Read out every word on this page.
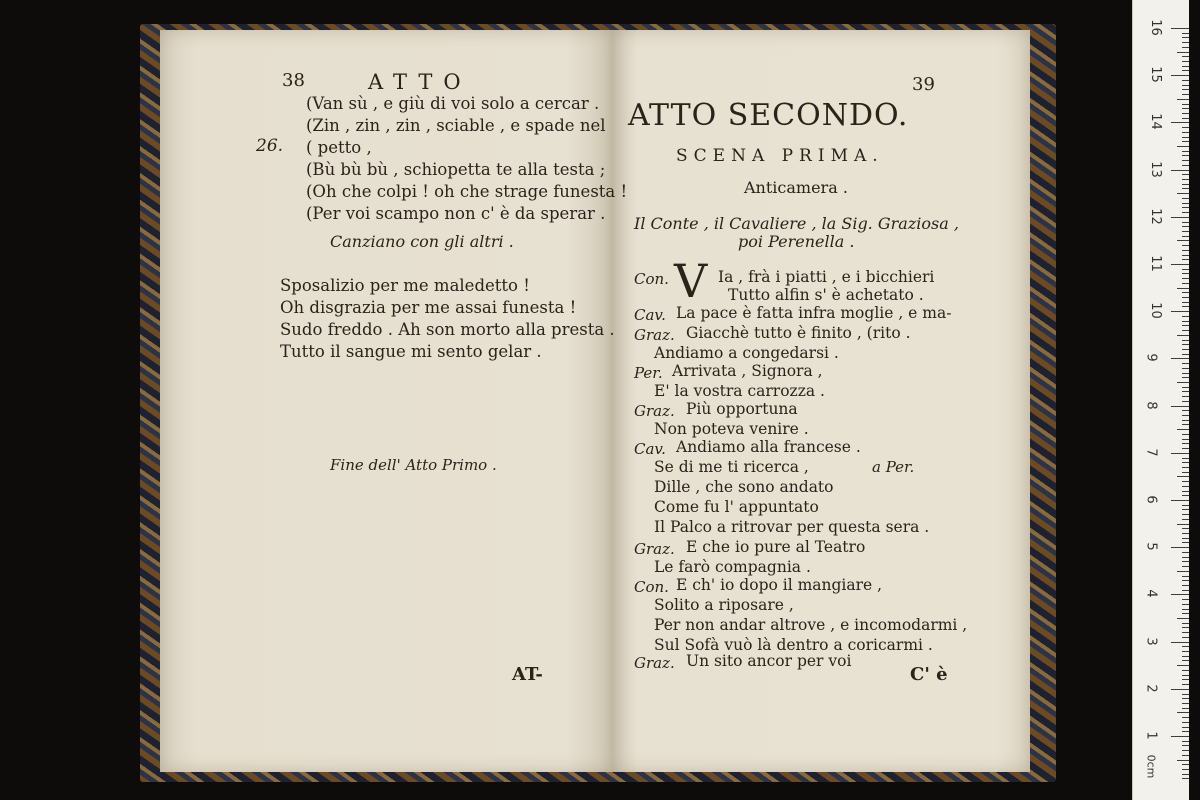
38	ATTO
26.
(Van sù , e giù di voi solo a cercar .
(Zin , zin , zin , sciable , e spade nel
( petto ,
(Bù bù bù , schiopetta te alla testa ;
(Oh che colpi ! oh che strage funesta !
(Per voi scampo non c' è da sperar .
Canziano con gli altri .
Sposalizio per me maledetto !
Oh disgrazia per me assai funesta !
Sudo freddo . Ah son morto alla presta .
Tutto il sangue mi sento gelar .
Fine dell' Atto Primo .
AT-
39
ATTO SECONDO.
SCENA PRIMA.
Anticamera .
Il Conte , il Cavaliere , la Sig. Graziosa ,
poi Perenella .
V
Con.	Ia , frà i piatti , e i bicchieri
Tutto alfin s' è achetato .
Cav. La pace è fatta infra moglie , e ma-
Graz. Giacchè tutto è finito , (rito .
Andiamo a congedarsi .
Per. Arrivata , Signora ,
E' la vostra carrozza .
Graz. Più opportuna
Non poteva venire .
Cav. Andiamo alla francese .
Se di me ti ricerca ,	a Per.
Dille , che sono andato
Come fu l' appuntato
Il Palco a ritrovar per questa sera .
Graz. E che io pure al Teatro
Le farò compagnia .
Con. E ch' io dopo il mangiare ,
Solito a riposare ,
Per non andar altrove , e incomodarmi ,
Sul Sofà vuò là dentro a coricarmi .
Graz. Un sito ancor per voi
C' è
0cm
16
15
14
13
12
11
10
9
8
7
6
5
4
3
2
1
